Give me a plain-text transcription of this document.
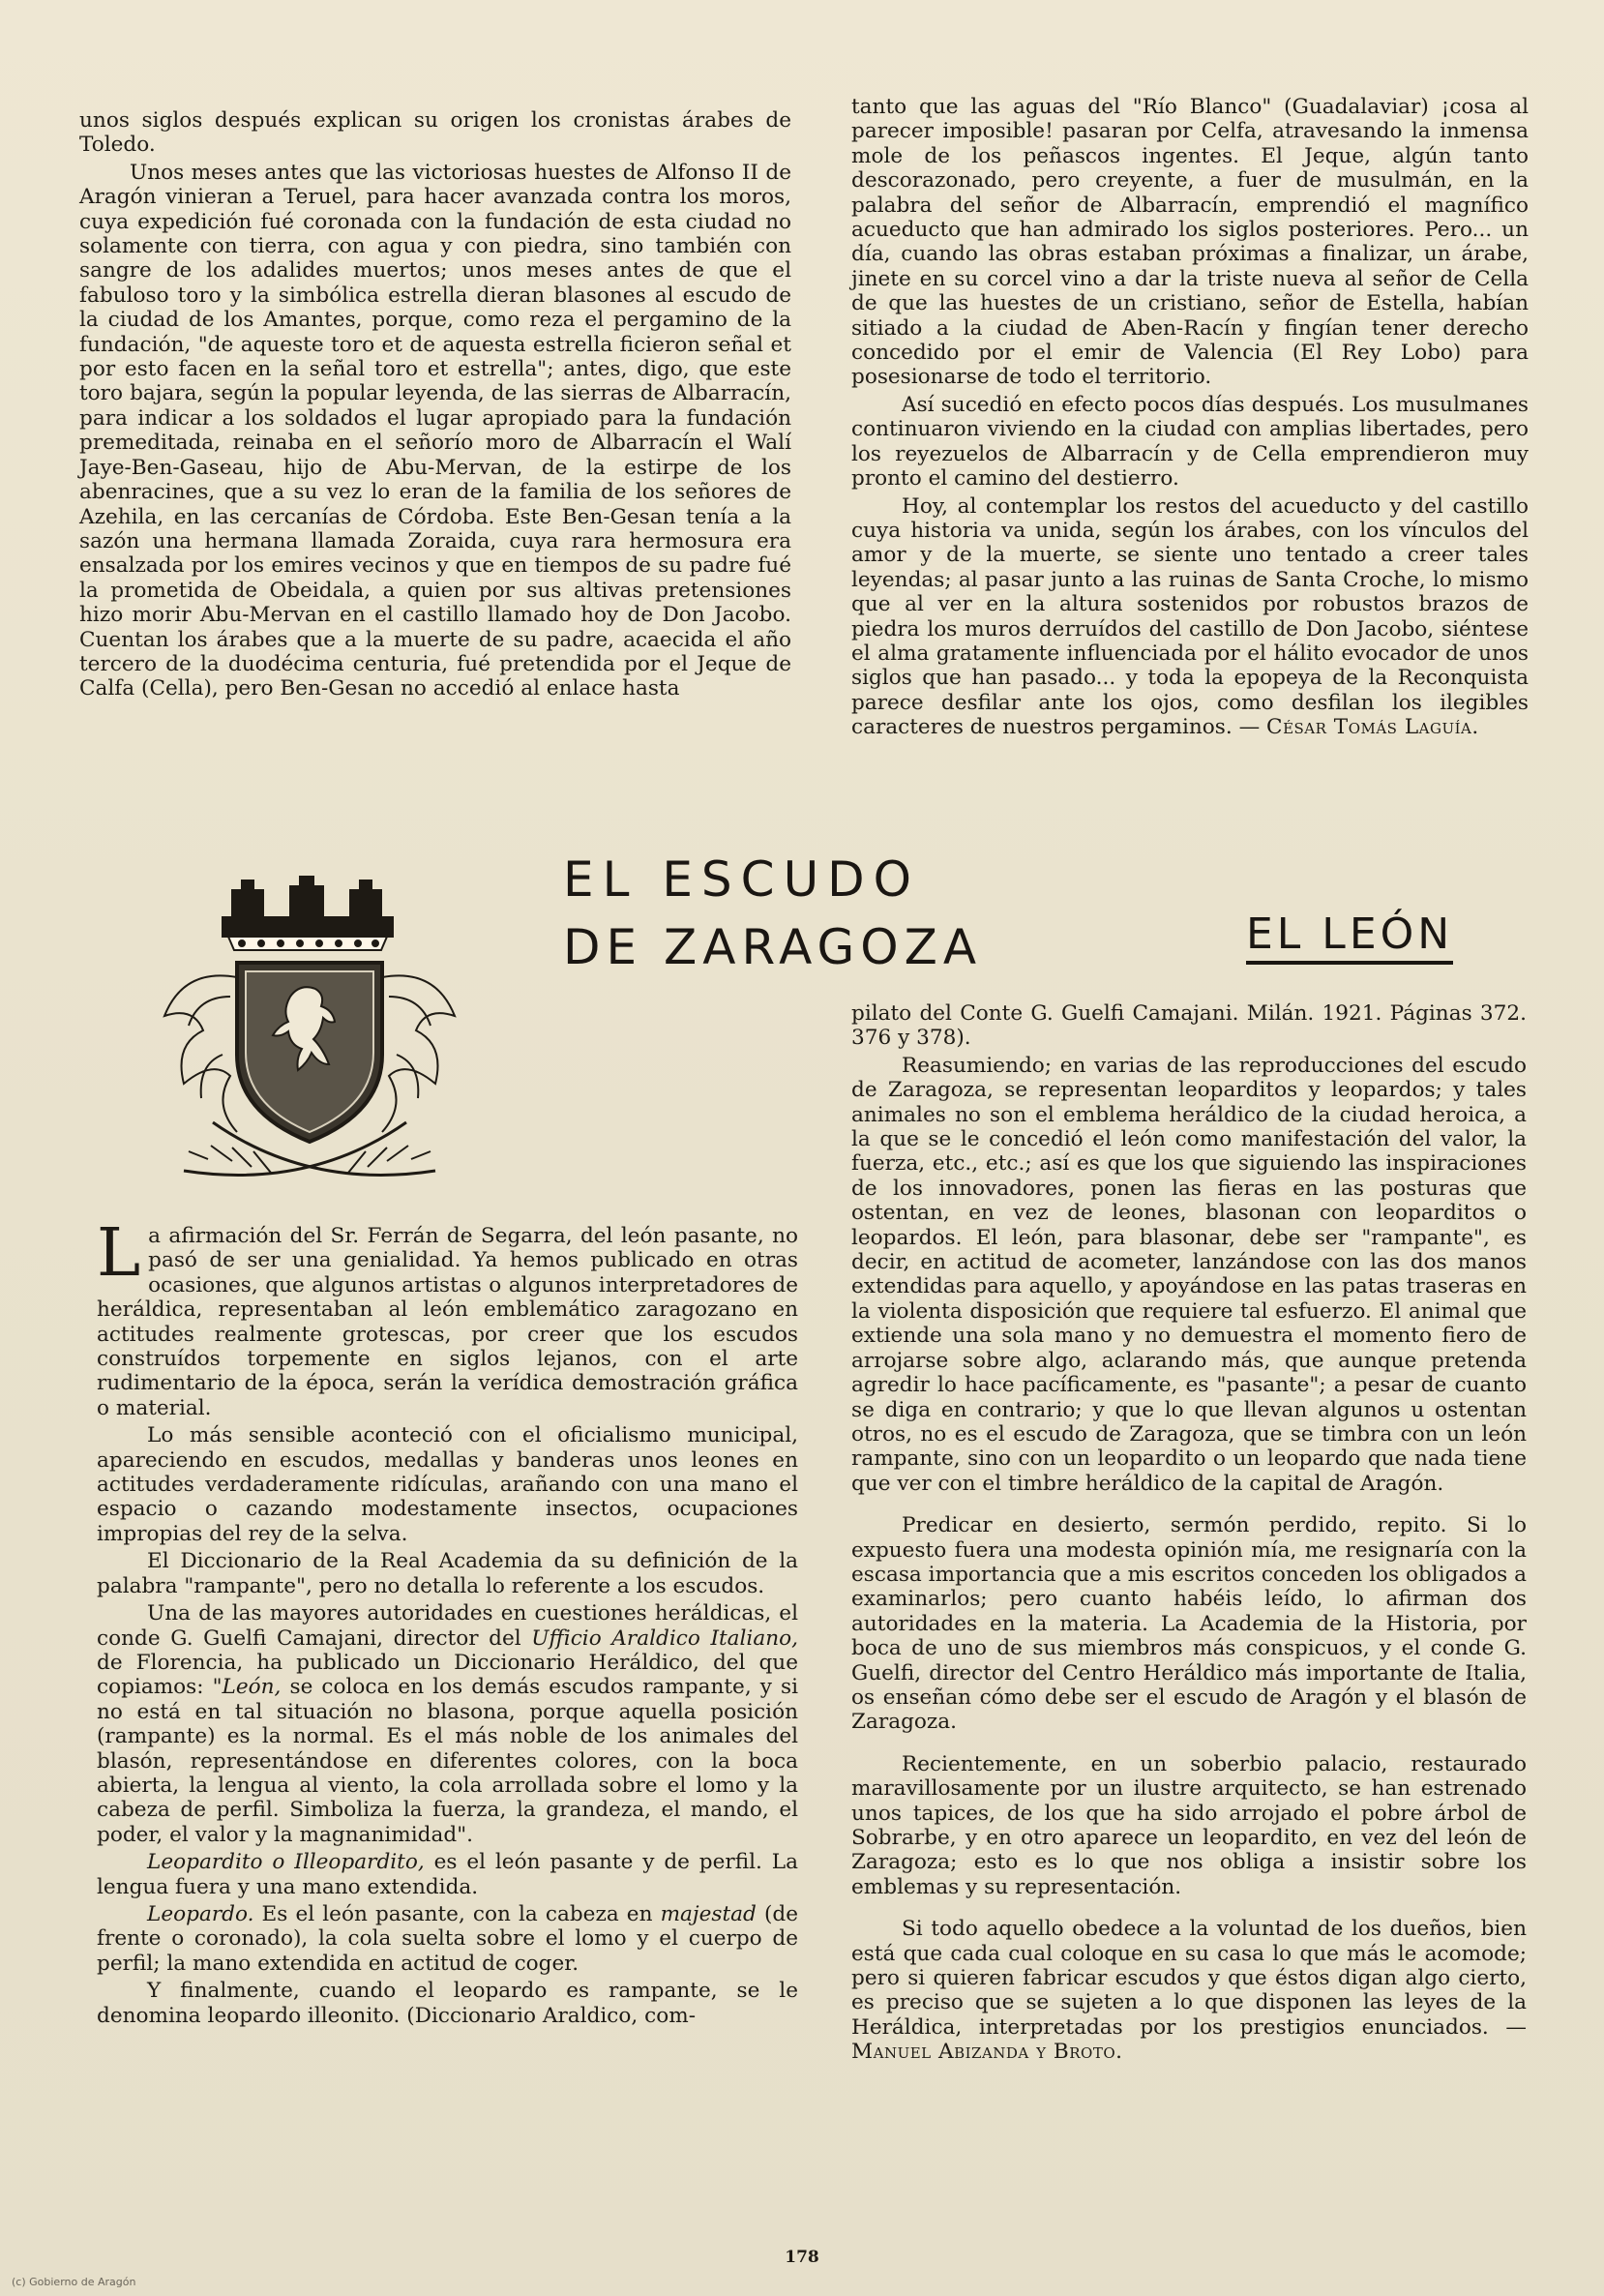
unos siglos después explican su origen los cronistas árabes de Toledo.

Unos meses antes que las victoriosas huestes de Alfonso II de Aragón vinieran a Teruel, para hacer avanzada contra los moros, cuya expedición fué coronada con la fundación de esta ciudad no solamente con tierra, con agua y con piedra, sino también con sangre de los adalides muertos; unos meses antes de que el fabuloso toro y la simbólica estrella dieran blasones al escudo de la ciudad de los Amantes, porque, como reza el pergamino de la fundación, "de aqueste toro et de aquesta estrella ficieron señal et por esto facen en la señal toro et estrella"; antes, digo, que este toro bajara, según la popular leyenda, de las sierras de Albarracín, para indicar a los soldados el lugar apropiado para la fundación premeditada, reinaba en el señorío moro de Albarracín el Walí Jaye-Ben-Gaseau, hijo de Abu-Mervan, de la estirpe de los abenracines, que a su vez lo eran de la familia de los señores de Azehila, en las cercanías de Córdoba. Este Ben-Gesan tenía a la sazón una hermana llamada Zoraida, cuya rara hermosura era ensalzada por los emires vecinos y que en tiempos de su padre fué la prometida de Obeidala, a quien por sus altivas pretensiones hizo morir Abu-Mervan en el castillo llamado hoy de Don Jacobo. Cuentan los árabes que a la muerte de su padre, acaecida el año tercero de la duodécima centuria, fué pretendida por el Jeque de Calfa (Cella), pero Ben-Gesan no accedió al enlace hasta

tanto que las aguas del "Río Blanco" (Guadalaviar) ¡cosa al parecer imposible! pasaran por Celfa, atravesando la inmensa mole de los peñascos ingentes. El Jeque, algún tanto descorazonado, pero creyente, a fuer de musulmán, en la palabra del señor de Albarracín, emprendió el magnífico acueducto que han admirado los siglos posteriores. Pero... un día, cuando las obras estaban próximas a finalizar, un árabe, jinete en su corcel vino a dar la triste nueva al señor de Cella de que las huestes de un cristiano, señor de Estella, habían sitiado a la ciudad de Aben-Racín y fingían tener derecho concedido por el emir de Valencia (El Rey Lobo) para posesionarse de todo el territorio.

Así sucedió en efecto pocos días después. Los musulmanes continuaron viviendo en la ciudad con amplias libertades, pero los reyezuelos de Albarracín y de Cella emprendieron muy pronto el camino del destierro.

Hoy, al contemplar los restos del acueducto y del castillo cuya historia va unida, según los árabes, con los vínculos del amor y de la muerte, se siente uno tentado a creer tales leyendas; al pasar junto a las ruinas de Santa Croche, lo mismo que al ver en la altura sostenidos por robustos brazos de piedra los muros derruídos del castillo de Don Jacobo, siéntese el alma gratamente influenciada por el hálito evocador de unos siglos que han pasado... y toda la epopeya de la Reconquista parece desfilar ante los ojos, como desfilan los ilegibles caracteres de nuestros pergaminos. — César Tomás Laguía.

EL ESCUDO
DE ZARAGOZA	EL LEÓN

La afirmación del Sr. Ferrán de Segarra, del león pasante, no pasó de ser una genialidad. Ya hemos publicado en otras ocasiones, que algunos artistas o algunos interpretadores de heráldica, representaban al león emblemático zaragozano en actitudes realmente grotescas, por creer que los escudos construídos torpemente en siglos lejanos, con el arte rudimentario de la época, serán la verídica demostración gráfica o material.

Lo más sensible aconteció con el oficialismo municipal, apareciendo en escudos, medallas y banderas unos leones en actitudes verdaderamente ridículas, arañando con una mano el espacio o cazando modestamente insectos, ocupaciones impropias del rey de la selva.

El Diccionario de la Real Academia da su definición de la palabra "rampante", pero no detalla lo referente a los escudos.

Una de las mayores autoridades en cuestiones heráldicas, el conde G. Guelfi Camajani, director del Ufficio Araldico Italiano, de Florencia, ha publicado un Diccionario Heráldico, del que copiamos: "León, se coloca en los demás escudos rampante, y si no está en tal situación no blasona, porque aquella posición (rampante) es la normal. Es el más noble de los animales del blasón, representándose en diferentes colores, con la boca abierta, la lengua al viento, la cola arrollada sobre el lomo y la cabeza de perfil. Simboliza la fuerza, la grandeza, el mando, el poder, el valor y la magnanimidad".

Leopardito o Illeopardito, es el león pasante y de perfil. La lengua fuera y una mano extendida.

Leopardo. Es el león pasante, con la cabeza en majestad (de frente o coronado), la cola suelta sobre el lomo y el cuerpo de perfil; la mano extendida en actitud de coger.

Y finalmente, cuando el leopardo es rampante, se le denomina leopardo illeonito. (Diccionario Araldico, com-

pilato del Conte G. Guelfi Camajani. Milán. 1921. Páginas 372. 376 y 378).

Reasumiendo; en varias de las reproducciones del escudo de Zaragoza, se representan leoparditos y leopardos; y tales animales no son el emblema heráldico de la ciudad heroica, a la que se le concedió el león como manifestación del valor, la fuerza, etc., etc.; así es que los que siguiendo las inspiraciones de los innovadores, ponen las fieras en las posturas que ostentan, en vez de leones, blasonan con leoparditos o leopardos. El león, para blasonar, debe ser "rampante", es decir, en actitud de acometer, lanzándose con las dos manos extendidas para aquello, y apoyándose en las patas traseras en la violenta disposición que requiere tal esfuerzo. El animal que extiende una sola mano y no demuestra el momento fiero de arrojarse sobre algo, aclarando más, que aunque pretenda agredir lo hace pacíficamente, es "pasante"; a pesar de cuanto se diga en contrario; y que lo que llevan algunos u ostentan otros, no es el escudo de Zaragoza, que se timbra con un león rampante, sino con un leopardito o un leopardo que nada tiene que ver con el timbre heráldico de la capital de Aragón.

Predicar en desierto, sermón perdido, repito. Si lo expuesto fuera una modesta opinión mía, me resignaría con la escasa importancia que a mis escritos conceden los obligados a examinarlos; pero cuanto habéis leído, lo afirman dos autoridades en la materia. La Academia de la Historia, por boca de uno de sus miembros más conspicuos, y el conde G. Guelfi, director del Centro Heráldico más importante de Italia, os enseñan cómo debe ser el escudo de Aragón y el blasón de Zaragoza.

Recientemente, en un soberbio palacio, restaurado maravillosamente por un ilustre arquitecto, se han estrenado unos tapices, de los que ha sido arrojado el pobre árbol de Sobrarbe, y en otro aparece un leopardito, en vez del león de Zaragoza; esto es lo que nos obliga a insistir sobre los emblemas y su representación.

Si todo aquello obedece a la voluntad de los dueños, bien está que cada cual coloque en su casa lo que más le acomode; pero si quieren fabricar escudos y que éstos digan algo cierto, es preciso que se sujeten a lo que disponen las leyes de la Heráldica, interpretadas por los prestigios enunciados. — Manuel Abizanda y Broto.

178
(c) Gobierno de Aragón
